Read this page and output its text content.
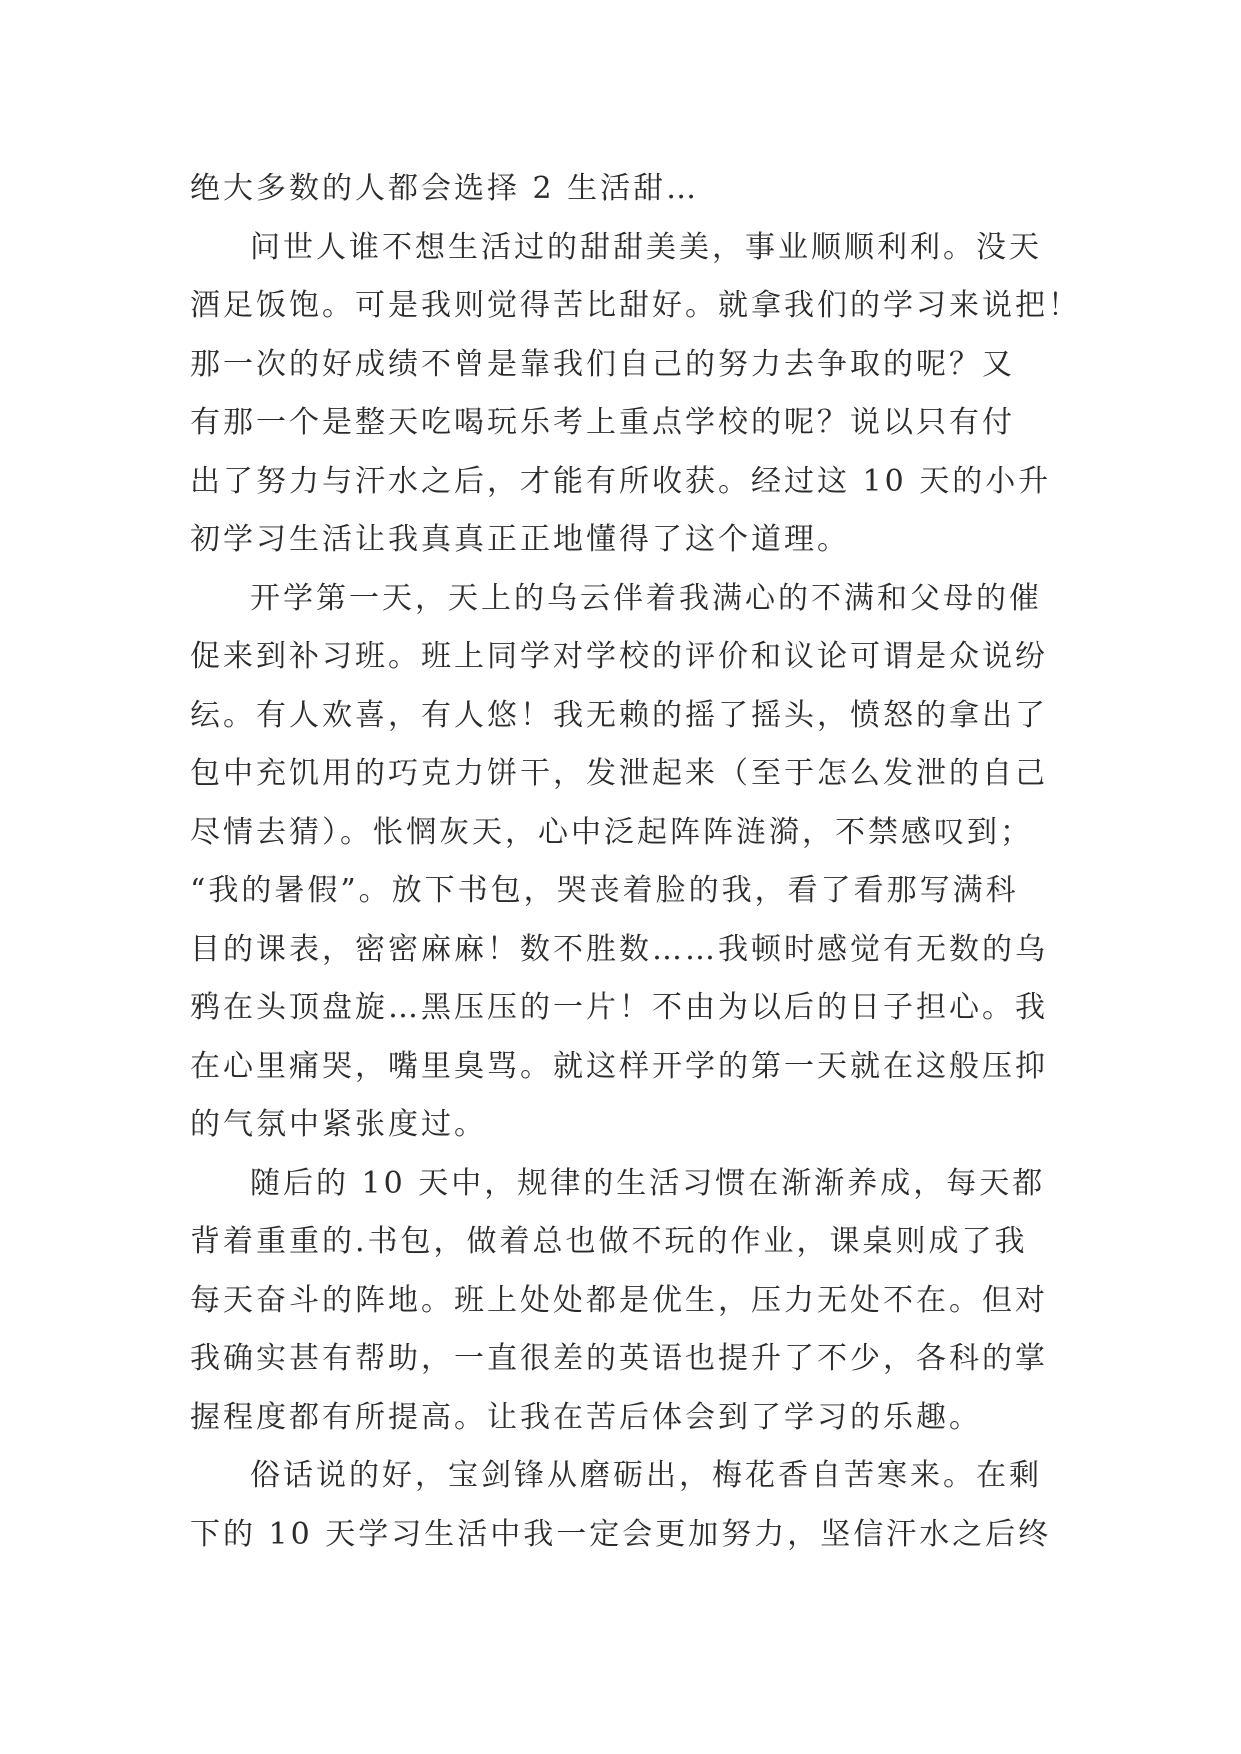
绝大多数的人都会选择 2 生活甜…
问世人谁不想生活过的甜甜美美，事业顺顺利利。没天
酒足饭饱。可是我则觉得苦比甜好。就拿我们的学习来说把！
那一次的好成绩不曾是靠我们自己的努力去争取的呢？又
有那一个是整天吃喝玩乐考上重点学校的呢？说以只有付
出了努力与汗水之后，才能有所收获。经过这 10 天的小升
初学习生活让我真真正正地懂得了这个道理。
开学第一天，天上的乌云伴着我满心的不满和父母的催
促来到补习班。班上同学对学校的评价和议论可谓是众说纷
纭。有人欢喜，有人悠！我无赖的摇了摇头，愤怒的拿出了
包中充饥用的巧克力饼干，发泄起来（至于怎么发泄的自己
尽情去猜）。怅惘灰天，心中泛起阵阵涟漪，不禁感叹到；
“我的暑假”。放下书包，哭丧着脸的我，看了看那写满科
目的课表，密密麻麻！数不胜数……我顿时感觉有无数的乌
鸦在头顶盘旋…黑压压的一片！不由为以后的日子担心。我
在心里痛哭，嘴里臭骂。就这样开学的第一天就在这般压抑
的气氛中紧张度过。
随后的 10 天中，规律的生活习惯在渐渐养成，每天都
背着重重的.书包，做着总也做不玩的作业，课桌则成了我
每天奋斗的阵地。班上处处都是优生，压力无处不在。但对
我确实甚有帮助，一直很差的英语也提升了不少，各科的掌
握程度都有所提高。让我在苦后体会到了学习的乐趣。
俗话说的好，宝剑锋从磨砺出，梅花香自苦寒来。在剩
下的 10 天学习生活中我一定会更加努力，坚信汗水之后终
